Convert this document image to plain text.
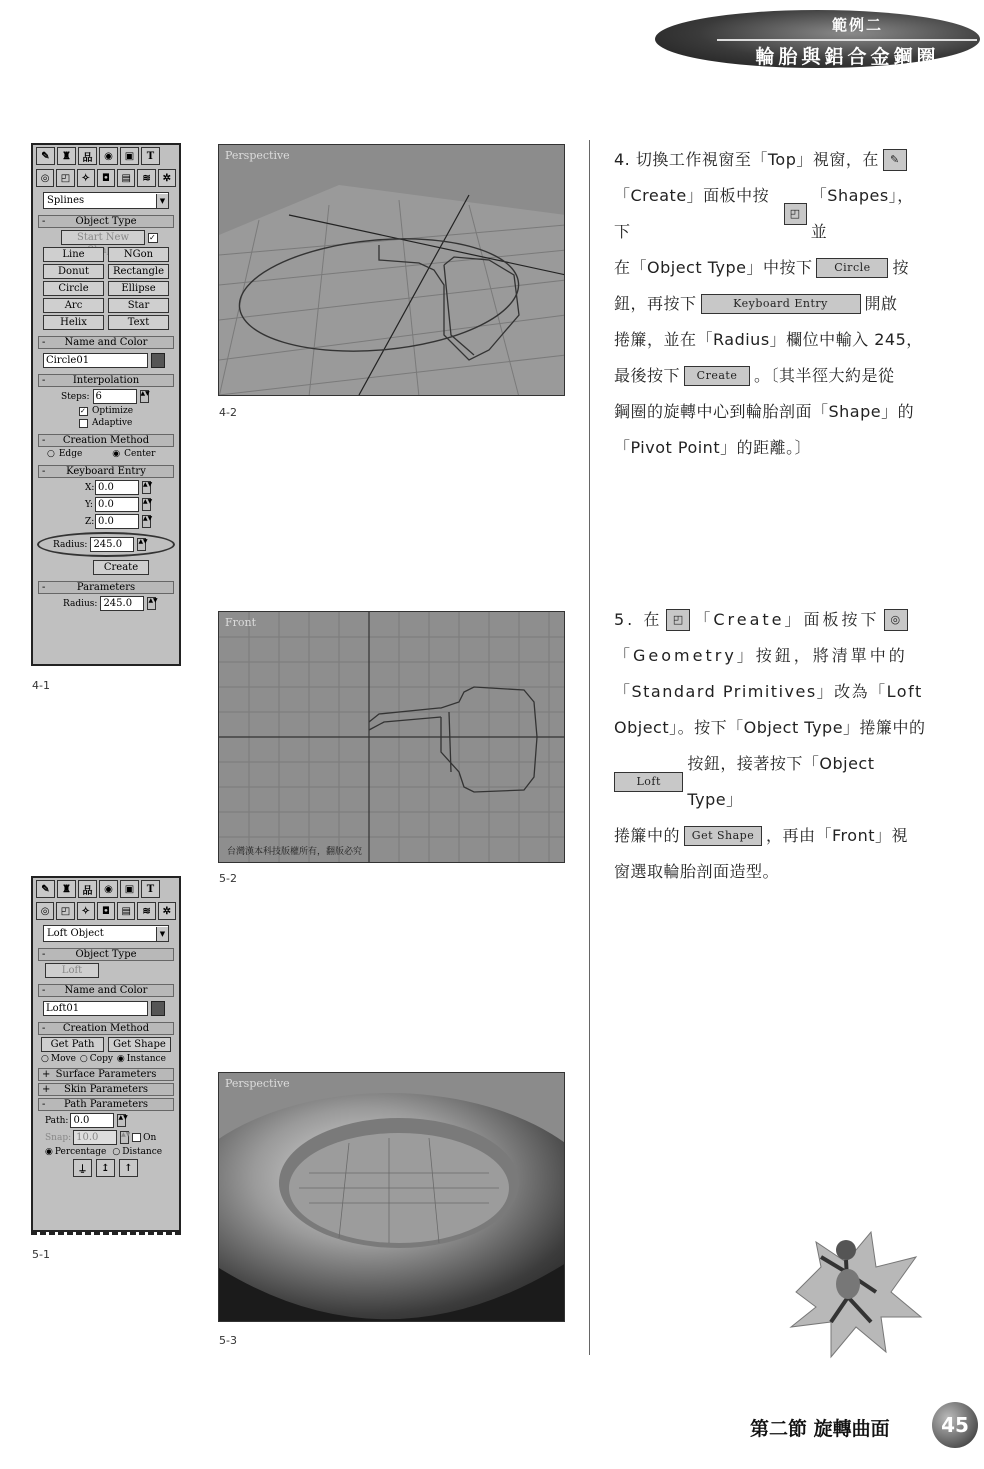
範例二
輪胎與鋁合金鋼圈
✎	♜	品	◉	▣	T
◎	◰	✧	◘	▤	≋	✲
Splines	▼
-	Object Type
Start New	✓
Line	NGon
Donut	Rectangle
Circle	Ellipse
Arc	Star
Helix	Text
- Name and Color
Circle01
-	Interpolation
Steps: 6	▲▼
✓ Optimize
Adaptive
- Creation Method
○ Edge	◉ Center
- Keyboard Entry
X: 0.0	▲▼
Y: 0.0	▲▼
Z: 0.0	▲▼
Radius: 245.0	▲▼
Create
-	Parameters
Radius: 245.0	▲▼
4-1
Perspective
4-2
4. 切換工作視窗至「Top」視窗，在	✎
「Create」面板中按下
◰
「Shapes」，並
在「Object Type」中按下	Circle	按
鈕，再按下	Keyboard Entry	開啟
捲簾，並在「Radius」欄位中輸入 245，
最後按下	Create	。〔其半徑大約是從
鋼圈的旋轉中心到輪胎剖面「Shape」的
「Pivot Point」的距離。〕
Front
台灣漢本科技版權所有，翻版必究
5-2
5. 在 ◰ 「Create」面板按下 ◎
「Geometry」按鈕，將清單中的
「Standard Primitives」改為「Loft
Object」。按下「Object Type」捲簾中的
Loft
按鈕，接著按下「Object Type」
捲簾中的	Get Shape ，再由「Front」視
窗選取輪胎剖面造型。
✎	♜	品	◉	▣	T
◎	◰	✧	◘	▤	≋	✲
Loft Object	▼
-	Object Type
Loft
- Name and Color
Loft01
- Creation Method
Get Path	Get Shape
○ Move ○ Copy ◉ Instance
+ Surface Parameters
+ Skin Parameters
- Path Parameters
Path: 0.0	▲▼
Snap: 10.0	▲▼ On
◉ Percentage ○ Distance
⍊	↥	↑
5-1
Perspective
5-3
第二節 旋轉曲面	45
